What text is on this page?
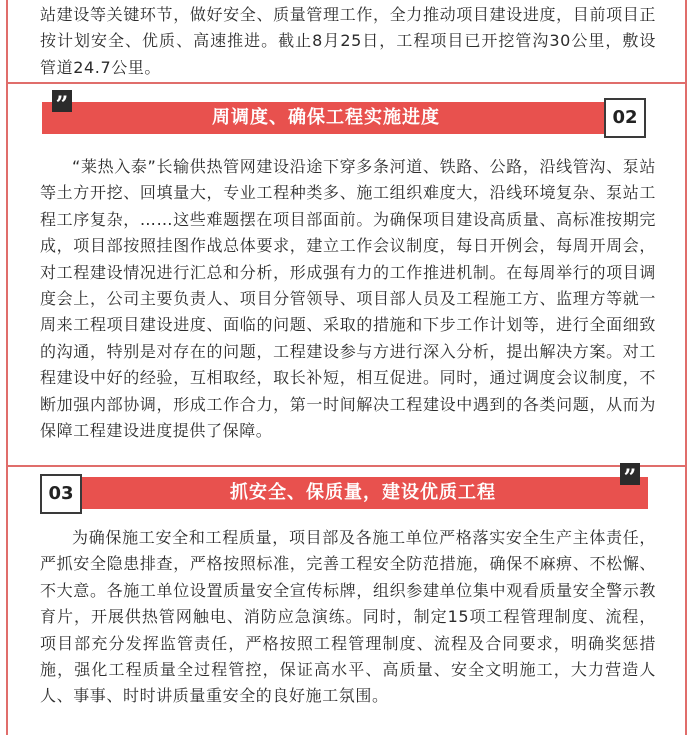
站建设等关键环节，做好安全、质量管理工作，全力推动项目建设进度，目前项目正按计划安全、优质、高速推进。截止8月25日，工程项目已开挖管沟30公里，敷设管道24.7公里。

周调度、确保工程实施进度
”	02

“莱热入泰”长输供热管网建设沿途下穿多条河道、铁路、公路，沿线管沟、泵站等土方开挖、回填量大，专业工程种类多、施工组织难度大，沿线环境复杂、泵站工程工序复杂，……这些难题摆在项目部面前。为确保项目建设高质量、高标准按期完成，项目部按照挂图作战总体要求，建立工作会议制度，每日开例会，每周开周会，对工程建设情况进行汇总和分析，形成强有力的工作推进机制。在每周举行的项目调度会上，公司主要负责人、项目分管领导、项目部人员及工程施工方、监理方等就一周来工程项目建设进度、面临的问题、采取的措施和下步工作计划等，进行全面细致的沟通，特别是对存在的问题，工程建设参与方进行深入分析，提出解决方案。对工程建设中好的经验，互相取经，取长补短，相互促进。同时，通过调度会议制度，不断加强内部协调，形成工作合力，第一时间解决工程建设中遇到的各类问题，从而为保障工程建设进度提供了保障。

抓安全、保质量，建设优质工程
03
”

为确保施工安全和工程质量，项目部及各施工单位严格落实安全生产主体责任，严抓安全隐患排查，严格按照标准，完善工程安全防范措施，确保不麻痹、不松懈、不大意。各施工单位设置质量安全宣传标牌，组织参建单位集中观看质量安全警示教育片，开展供热管网触电、消防应急演练。同时，制定15项工程管理制度、流程，项目部充分发挥监管责任，严格按照工程管理制度、流程及合同要求，明确奖惩措施，强化工程质量全过程管控，保证高水平、高质量、安全文明施工，大力营造人人、事事、时时讲质量重安全的良好施工氛围。
